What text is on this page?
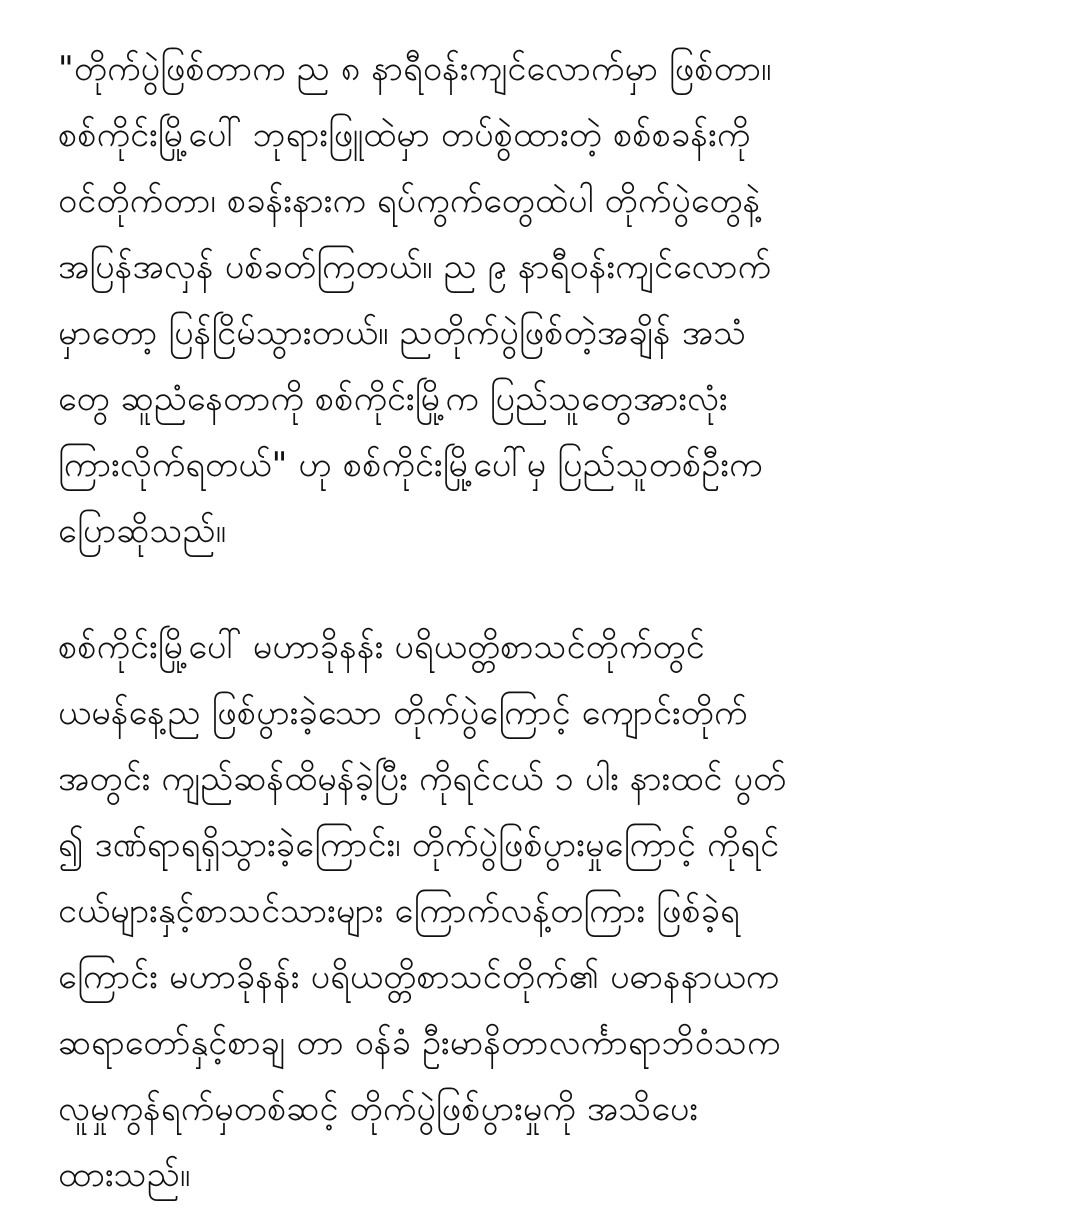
"တိုက်ပွဲဖြစ်တာက ည ၈ နာရီဝန်းကျင်လောက်မှာ ဖြစ်တာ။
စစ်ကိုင်းမြို့ပေါ် ဘုရားဖြူထဲမှာ တပ်စွဲထားတဲ့ စစ်စခန်းကို
ဝင်တိုက်တာ၊ စခန်းနားက ရပ်ကွက်တွေထဲပါ တိုက်ပွဲတွေနဲ့
အပြန်အလှန် ပစ်ခတ်ကြတယ်။ ည ၉ နာရီဝန်းကျင်လောက်
မှာတော့ ပြန်ငြိမ်သွားတယ်။ ညတိုက်ပွဲဖြစ်တဲ့အချိန် အသံ
တွေ ဆူညံနေတာကို စစ်ကိုင်းမြို့က ပြည်သူတွေအားလုံး
ကြားလိုက်ရတယ်" ဟု စစ်ကိုင်းမြို့ပေါ်မှ ပြည်သူတစ်ဦးက
ပြောဆိုသည်။

စစ်ကိုင်းမြို့ပေါ် မဟာခိုနန်း ပရိယတ္တိစာသင်တိုက်တွင်
ယမန်နေ့ည ဖြစ်ပွားခဲ့သော တိုက်ပွဲကြောင့် ကျောင်းတိုက်
အတွင်း ကျည်ဆန်ထိမှန်ခဲ့ပြီး ကိုရင်ငယ် ၁ ပါး နားထင် ပွတ်
၍ ဒဏ်ရာရရှိသွားခဲ့ကြောင်း၊ တိုက်ပွဲဖြစ်ပွားမှုကြောင့် ကိုရင်
ငယ်များနှင့်စာသင်သားများ ကြောက်လန့်တကြား ဖြစ်ခဲ့ရ
ကြောင်း မဟာခိုနန်း ပရိယတ္တိစာသင်တိုက်၏ ပဓာနနာယက
ဆရာတော်နှင့်စာချ တာ ဝန်ခံ ဦးမာနိတာလင်္ကာရာဘိဝံသက
လူမှုကွန်ရက်မှတစ်ဆင့် တိုက်ပွဲဖြစ်ပွားမှုကို အသိပေး
ထားသည်။
